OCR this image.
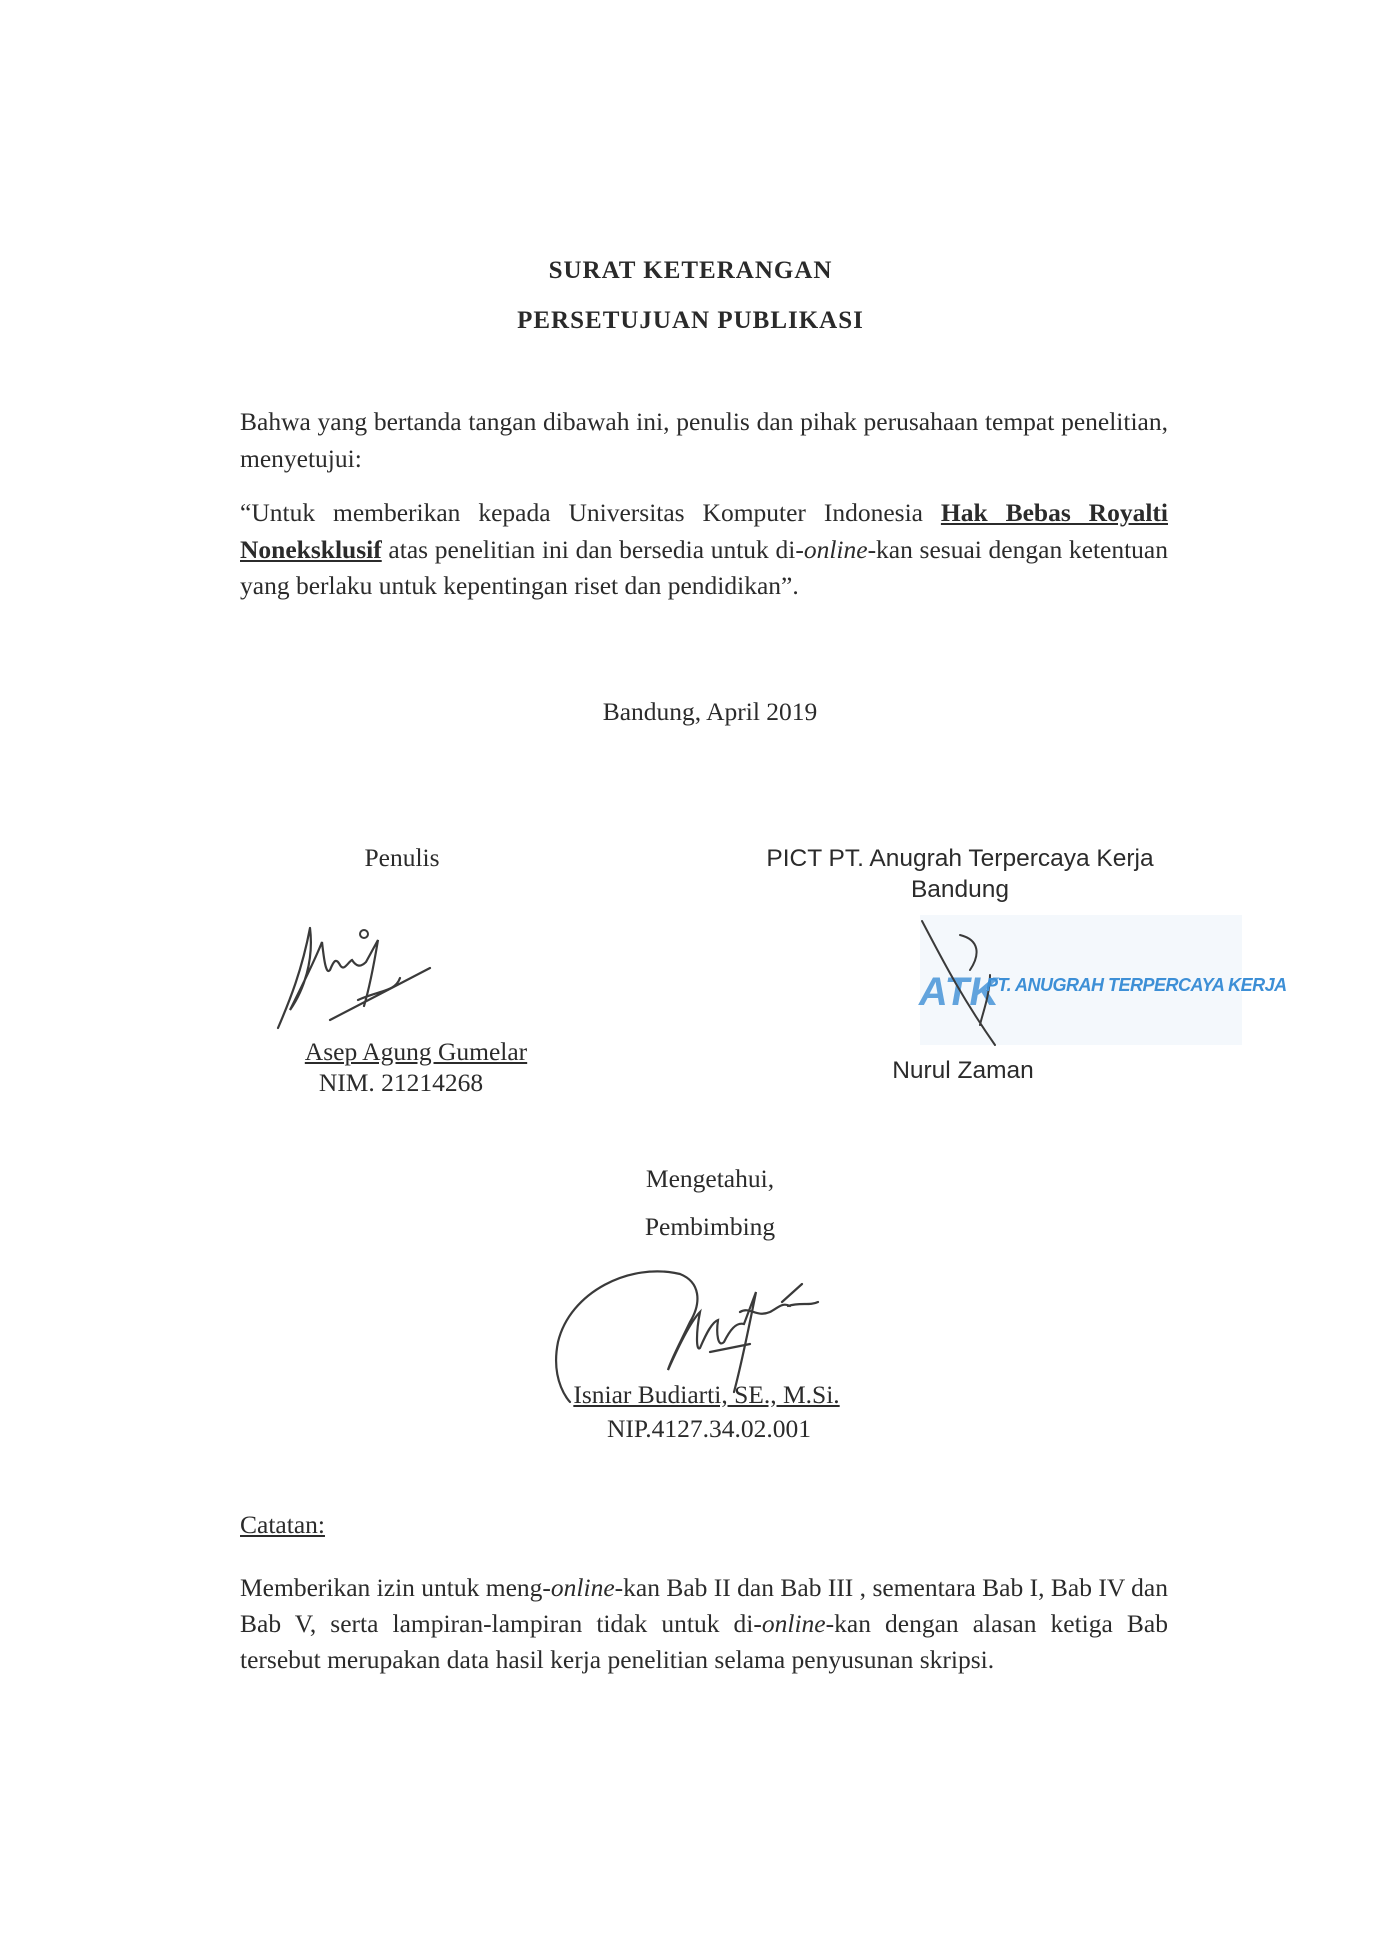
SURAT KETERANGAN
PERSETUJUAN PUBLIKASI
Bahwa yang bertanda tangan dibawah ini, penulis dan pihak perusahaan tempat penelitian, menyetujui:
“Untuk memberikan kepada Universitas Komputer Indonesia Hak Bebas Royalti Noneksklusif atas penelitian ini dan bersedia untuk di-online-kan sesuai dengan ketentuan yang berlaku untuk kepentingan riset dan pendidikan”.
Bandung, April 2019
Penulis
Asep Agung Gumelar
NIM. 21214268
PICT PT. Anugrah Terpercaya Kerja
Bandung
ATK
PT. ANUGRAH TERPERCAYA KERJA
Nurul Zaman
Mengetahui,
Pembimbing
Isniar Budiarti, SE., M.Si.
NIP.4127.34.02.001
Catatan:
Memberikan izin untuk meng-online-kan Bab II dan Bab III , sementara Bab I, Bab IV dan Bab V, serta lampiran-lampiran tidak untuk di-online-kan dengan alasan ketiga Bab tersebut merupakan data hasil kerja penelitian selama penyusunan skripsi.
